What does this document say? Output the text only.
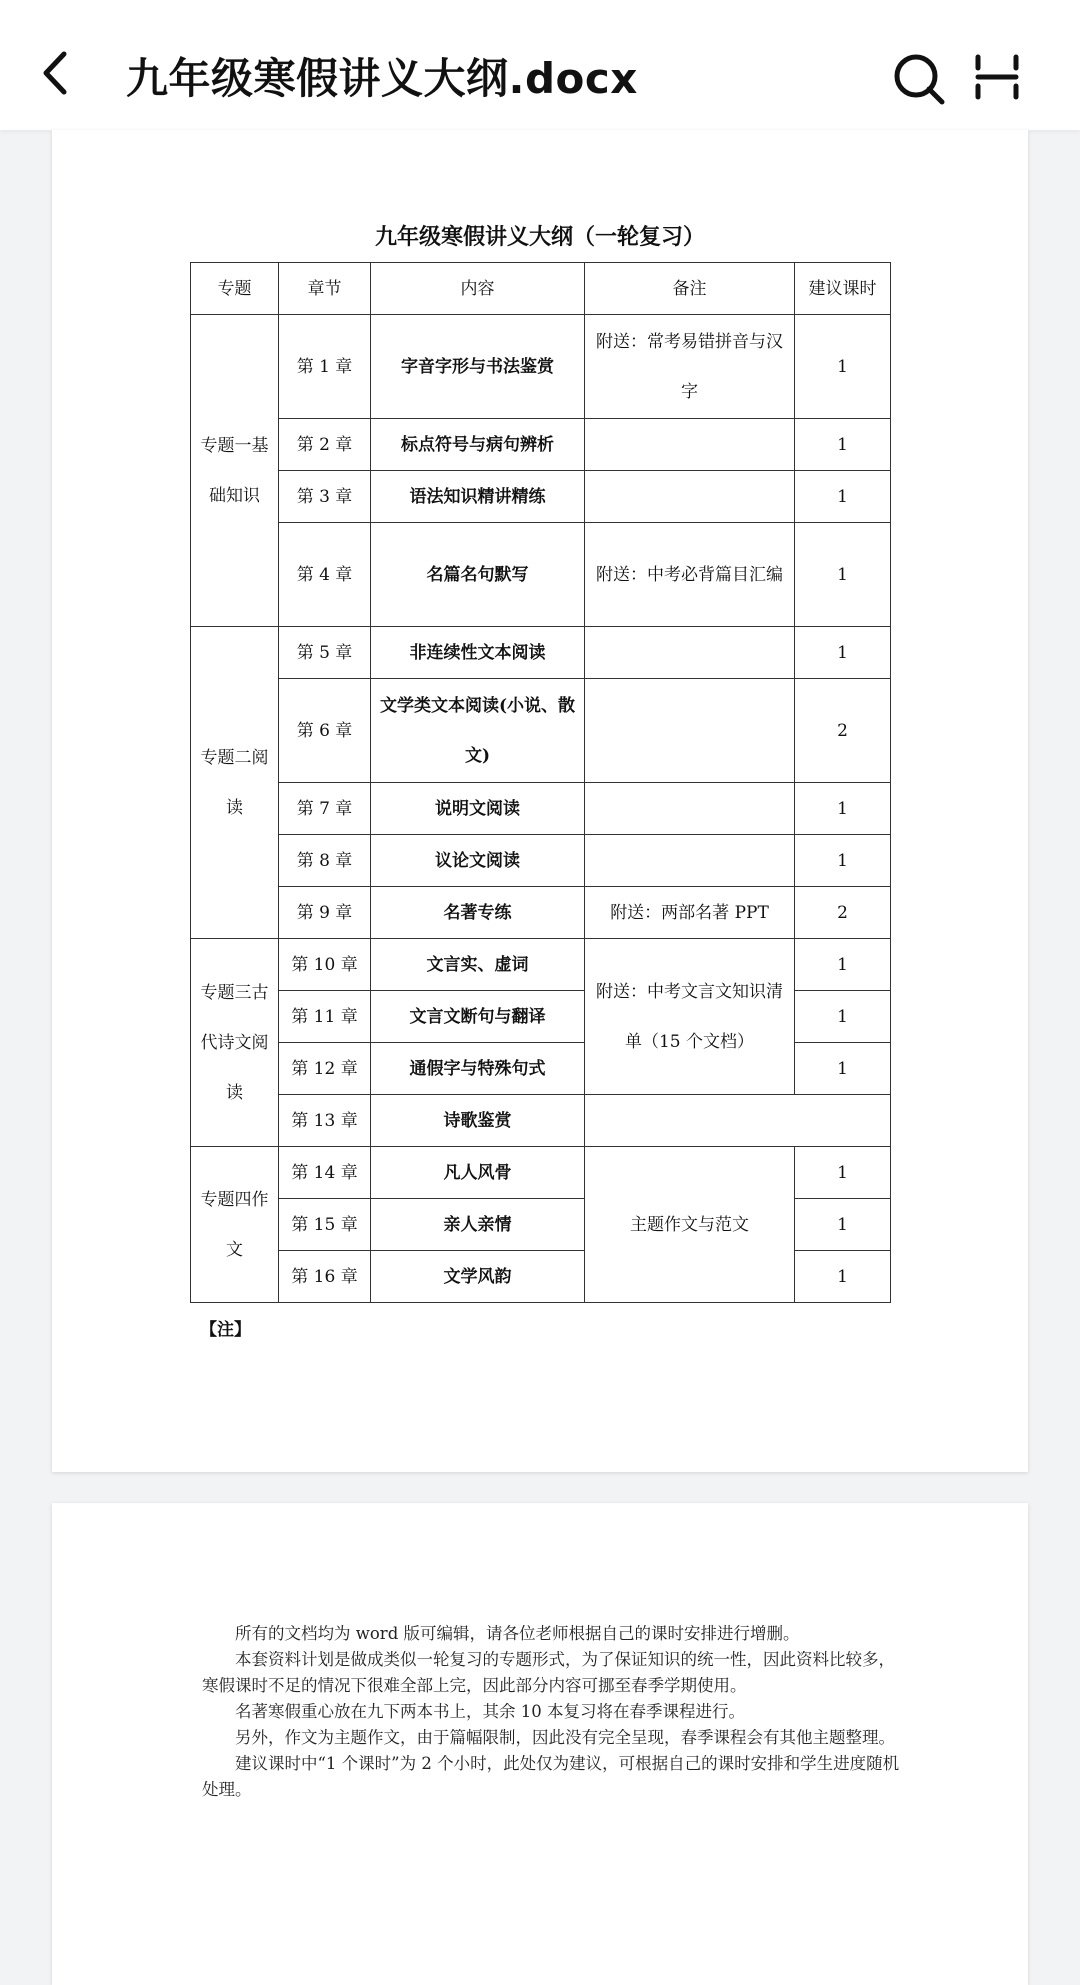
九年级寒假讲义大纲.docx
九年级寒假讲义大纲（一轮复习）
专题	章节	内容	备注	建议课时
专题一基础知识	第 1 章	字音字形与书法鉴赏	附送：常考易错拼音与汉字	1
	第 2 章	标点符号与病句辨析		1
	第 3 章	语法知识精讲精练		1
	第 4 章	名篇名句默写	附送：中考必背篇目汇编	1
专题二阅读	第 5 章	非连续性文本阅读		1
	第 6 章	文学类文本阅读(小说、散文)		2
	第 7 章	说明文阅读		1
	第 8 章	议论文阅读		1
	第 9 章	名著专练	附送：两部名著 PPT	2
专题三古代诗文阅读	第 10 章	文言实、虚词	附送：中考文言文知识清单（15 个文档）	1
	第 11 章	文言文断句与翻译		1
	第 12 章	通假字与特殊句式		1
	第 13 章	诗歌鉴赏		
专题四作文	第 14 章	凡人风骨	主题作文与范文	1
	第 15 章	亲人亲情		1
	第 16 章	文学风韵		1
【注】

所有的文档均为 word 版可编辑，请各位老师根据自己的课时安排进行增删。

本套资料计划是做成类似一轮复习的专题形式，为了保证知识的统一性，因此资料比较多，寒假课时不足的情况下很难全部上完，因此部分内容可挪至春季学期使用。

名著寒假重心放在九下两本书上，其余 10 本复习将在春季课程进行。

另外，作文为主题作文，由于篇幅限制，因此没有完全呈现，春季课程会有其他主题整理。

建议课时中“1 个课时”为 2 个小时，此处仅为建议，可根据自己的课时安排和学生进度随机处理。
